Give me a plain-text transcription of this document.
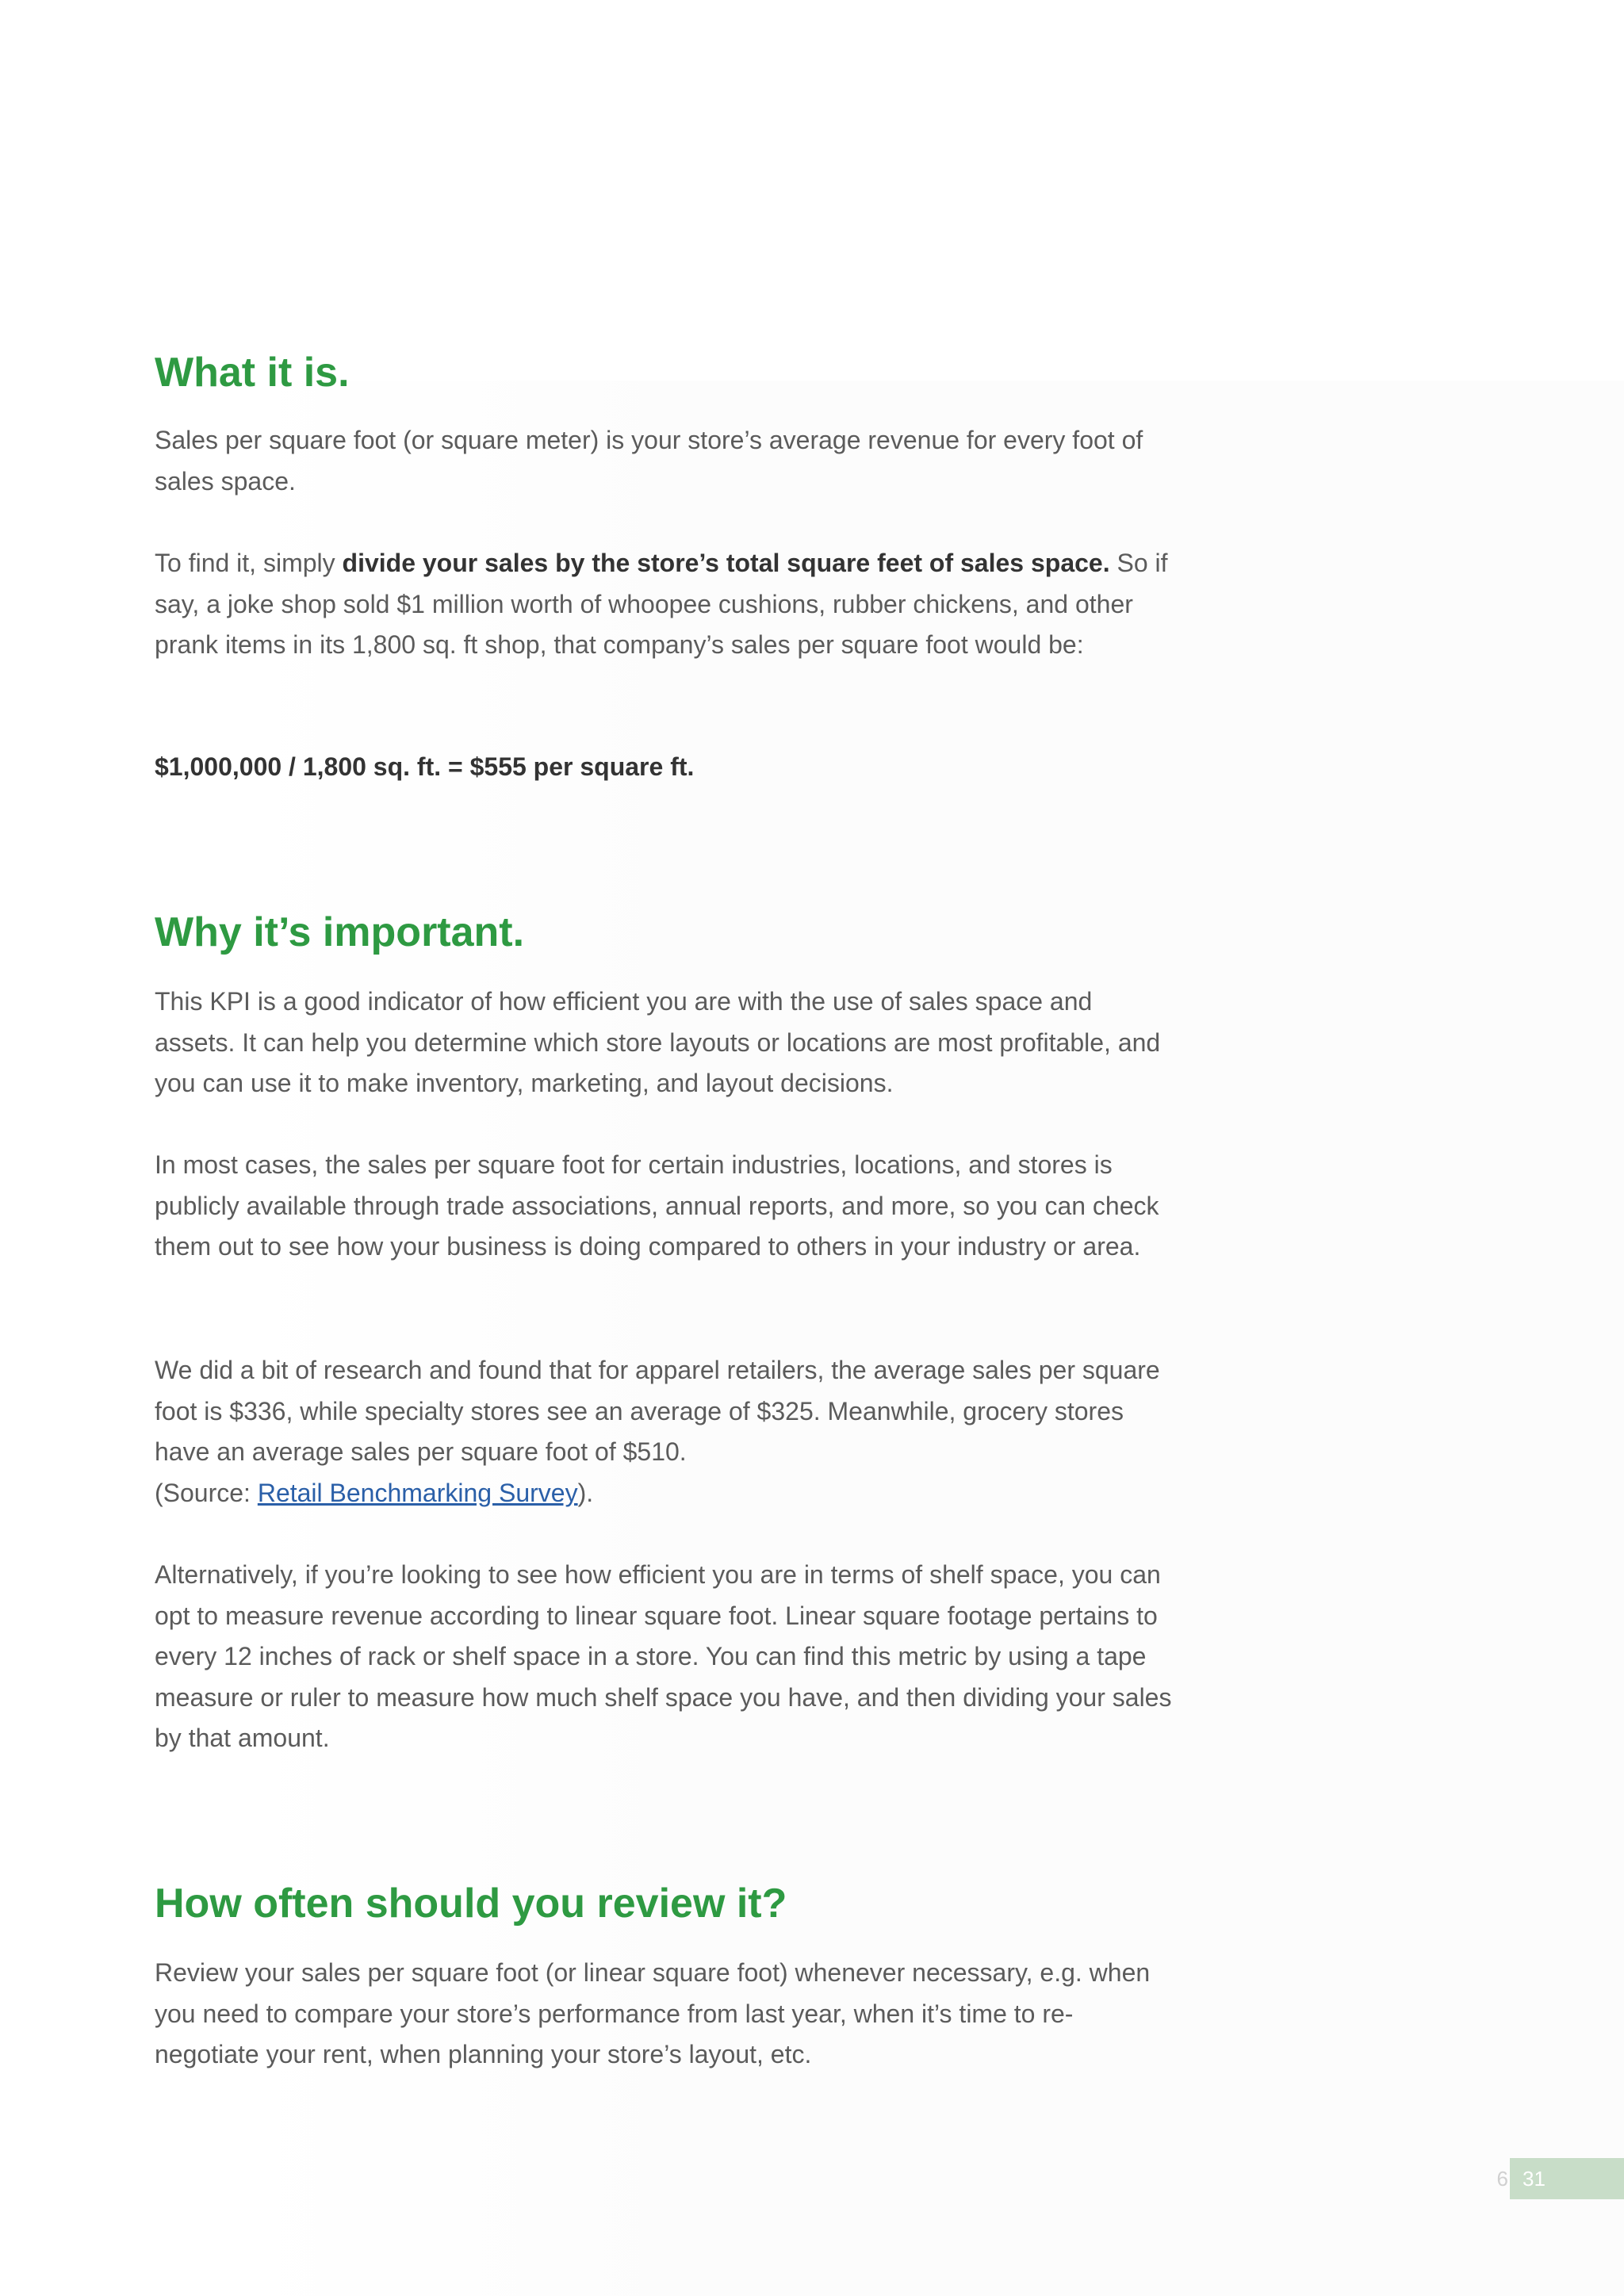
What it is.

Sales per square foot (or square meter) is your store’s average revenue for every foot of sales space.

To find it, simply divide your sales by the store’s total square feet of sales space. So if say, a joke shop sold $1 million worth of whoopee cushions, rubber chickens, and other prank items in its 1,800 sq. ft shop, that company’s sales per square foot would be:

$1,000,000 / 1,800 sq. ft. = $555 per square ft.

Why it’s important.

This KPI is a good indicator of how efficient you are with the use of sales space and assets. It can help you determine which store layouts or locations are most profitable, and you can use it to make inventory, marketing, and layout decisions.

In most cases, the sales per square foot for certain industries, locations, and stores is publicly available through trade associations, annual reports, and more, so you can check them out to see how your business is doing compared to others in your industry or area.

We did a bit of research and found that for apparel retailers, the average sales per square foot is $336, while specialty stores see an average of $325. Meanwhile, grocery stores have an average sales per square foot of $510.
(Source: Retail Benchmarking Survey).

Alternatively, if you’re looking to see how efficient you are in terms of shelf space, you can opt to measure revenue according to linear square foot. Linear square footage pertains to every 12 inches of rack or shelf space in a store. You can find this metric by using a tape measure or ruler to measure how much shelf space you have, and then dividing your sales by that amount.

How often should you review it?

Review your sales per square foot (or linear square foot) whenever necessary, e.g. when you need to compare your store’s performance from last year, when it’s time to re-negotiate your rent, when planning your store’s layout, etc.

6 31
